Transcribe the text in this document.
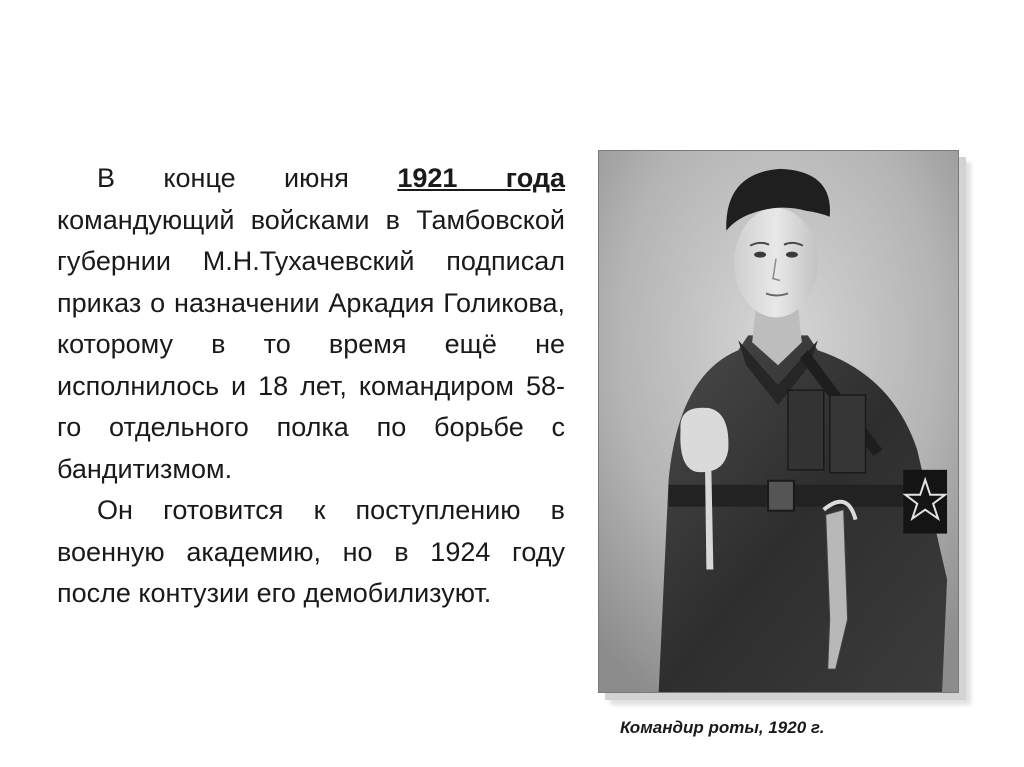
В конце июня 1921 года командующий войсками в Тамбовской губернии М.Н.Тухачевский подписал приказ о назначении Аркадия Голикова, которому в то время ещё не исполнилось и 18 лет, командиром 58-го отдельного полка по борьбе с бандитизмом.

Он готовится к поступлению в военную академию, но в 1924 году после контузии его демобилизуют.

Командир роты, 1920 г.
